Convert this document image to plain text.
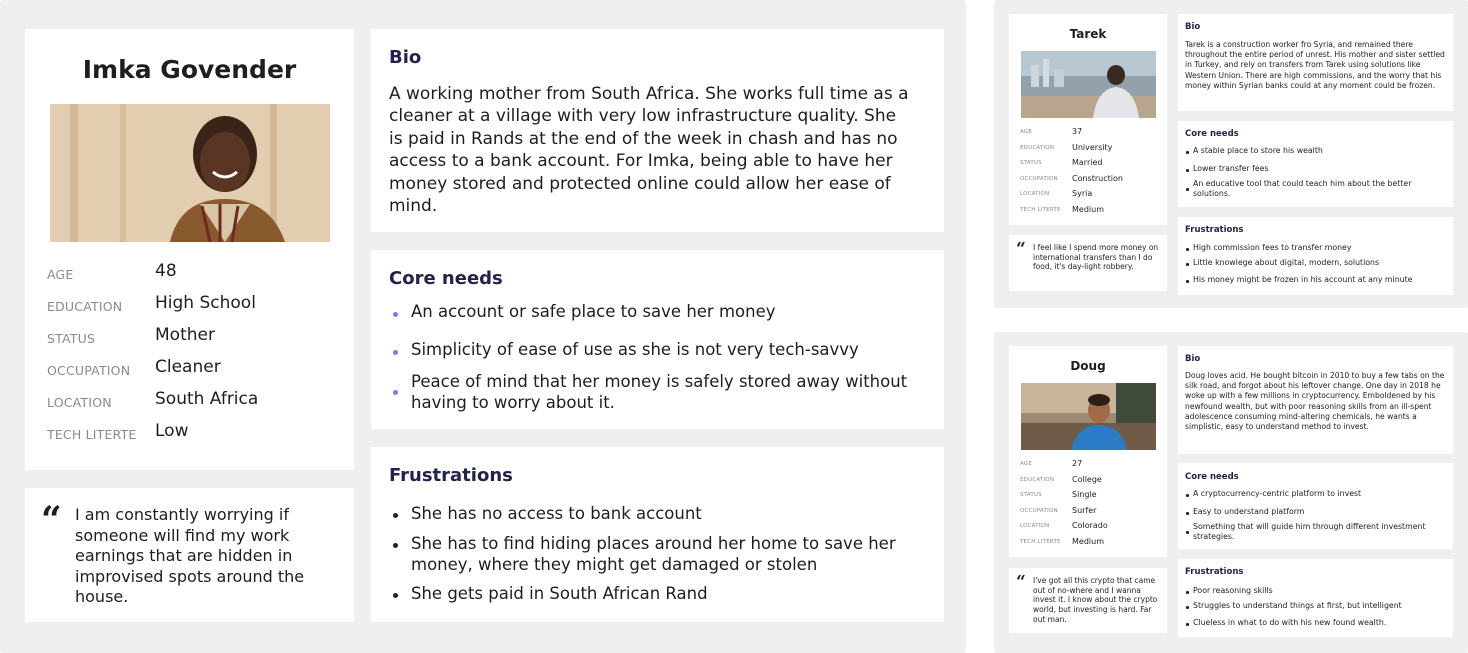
Imka Govender
AGE	48
EDUCATION High School
STATUS	Mother
OCCUPATION Cleaner
LOCATION	South Africa
TECH LITERTE Low
“ I am constantly worrying if someone will find my work earnings that are hidden in improvised spots around the house.
Bio
A working mother from South Africa. She works full time as a cleaner at a village with very low infrastructure quality. She is paid in Rands at the end of the week in chash and has no access to a bank account. For Imka, being able to have her money stored and protected online could allow her ease of mind.
Core needs
An account or safe place to save her money
Simplicity of ease of use as she is not very tech-savvy
Peace of mind that her money is safely stored away without having to worry about it.
Frustrations
She has no access to bank account
She has to find hiding places around her home to save her money, where they might get damaged or stolen
She gets paid in South African Rand
Tarek
AGE	37
EDUCATION University
STATUS	Married
OCCUPATION Construction
LOCATION	Syria
TECH LITERTE Medium
“ I feel like I spend more money on international transfers than I do food, it's day-light robbery.
Bio
Tarek is a construction worker fro Syria, and remained there throughout the entire period of unrest. His mother and sister settled in Turkey, and rely on transfers from Tarek using solutions like Western Union. There are high commissions, and the worry that his money within Syrian banks could at any moment could be frozen.
Core needs
A stable place to store his wealth
Lower transfer fees
An educative tool that could teach him about the better solutions.
Frustrations
High commission fees to transfer money
Little knowlege about digital, modern, solutions
His money might be frozen in his account at any minute
Doug
AGE	27
EDUCATION College
STATUS	Single
OCCUPATION Surfer
LOCATION	Colorado
TECH LITERTE Medium
“ I've got all this crypto that came out of no-where and I wanna invest it. I know about the crypto world, but investing is hard. Far out man.
Bio
Doug loves acid. He bought bitcoin in 2010 to buy a few tabs on the silk road, and forgot about his leftover change. One day in 2018 he woke up with a few millions in cryptocurrency. Emboldened by his newfound wealth, but with poor reasoning skills from an ill-spent adolescence consuming mind-altering chemicals, he wants a simplistic, easy to understand method to invest.
Core needs
A cryptocurrency-centric platform to invest
Easy to understand platform
Something that will guide him through different investment strategies.
Frustrations
Poor reasoning skills
Struggles to understand things at first, but intelligent
Clueless in what to do with his new found wealth.
